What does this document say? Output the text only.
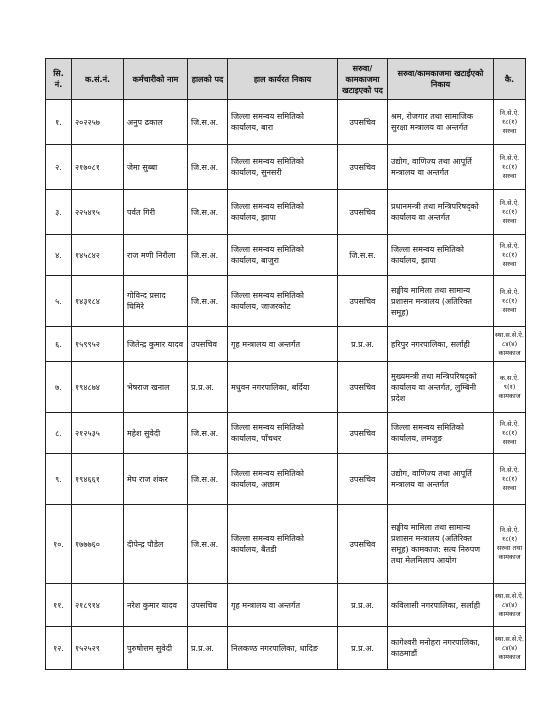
सि. नं.	क.सं.नं.	कर्मचारीको नाम	हालको पद	हाल कार्यरत निकाय	सरुवा/कामकाजमा खटाइएको पद	सरुवा/कामकाजमा खटाईएको निकाय	कै.
१.	२०२२५७	अनुप ढकाल	जि.स.अ.	जिल्ला समन्वय समितिको कार्यालय, बारा	उपसचिव	श्रम, रोजगार तथा सामाजिक सुरक्षा मन्त्रालय वा अन्तर्गत	नि.से.ऐ. १८(१) सरुवा
२.	२१७०८१	जेमा सुब्बा	जि.स.अ.	जिल्ला समन्वय समितिको कार्यालय, सुनसरी	उपसचिव	उद्योग, वाणिज्य तथा आपूर्ति मन्त्रालय वा अन्तर्गत	नि.से.ऐ. १८(१) सरुवा
३.	२२५४१५	पर्वत गिरी	जि.स.अ.	जिल्ला समन्वय समितिको कार्यालय, झापा	उपसचिव	प्रधानमन्त्री तथा मन्त्रिपरिषद्को कार्यालय वा अन्तर्गत	नि.से.ऐ. १८(१) सरुवा
४.	१४५८४२	राज मणी निरौला	जि.स.अ.	जिल्ला समन्वय समितिको कार्यालय, बाजुरा	जि.स.स.	जिल्ला समन्वय समितिको कार्यालय, झापा	नि.से.ऐ. १८(१) सरुवा
५.	१४३१८४	गोविन्द प्रसाद घिमिरे	जि.स.अ.	जिल्ला समन्वय समितिको कार्यालय, जाजरकोट	उपसचिव	सङ्घीय मामिला तथा सामान्य प्रशासन मन्त्रालय (अतिरिक्त समूह)	नि.से.ऐ. १८(१) सरुवा
६.	१५९९५२	जितेन्द्र कुमार यादव	उपसचिव	गृह मन्त्रालय वा अन्तर्गत	प्र.प्र.अ.	हरिपुर नगरपालिका, सर्लाही	स्था.स.से.ऐ. ८४(४) कामकाज
७.	१९४८७४	भेषराज खनाल	प्र.प्र.अ.	मधुवन नगरपालिका, बर्दिया	उपसचिव	मुख्यमन्त्री तथा मन्त्रिपरिषद्को कार्यालय वा अन्तर्गत, लुम्बिनी प्रदेश	क.स.ऐ. ९(१) कामकाज
८.	२१२५३५	महेश सुवेदी	जि.स.अ.	जिल्ला समन्वय समितिको कार्यालय, पाँचथर	उपसचिव	जिल्ला समन्वय समितिको कार्यालय, लमजुङ	नि.से.ऐ. १८(१) सरुवा
९.	१९४६६१	मेघ राज शंकर	जि.स.अ.	जिल्ला समन्वय समितिको कार्यालय, अछाम	उपसचिव	उद्योग, वाणिज्य तथा आपूर्ति मन्त्रालय वा अन्तर्गत	नि.से.ऐ. १८(१) सरुवा
१०.	१७७७६०	दीपेन्द्र पौडेल	जि.स.अ.	जिल्ला समन्वय समितिको कार्यालय, बैतडी	उपसचिव	सङ्घीय मामिला तथा सामान्य प्रशासन मन्त्रालय (अतिरिक्त समूह) कामकाज: सत्य निरुपण तथा मेलमिलाप आयोग	नि.से.ऐ. १८(१) सरुवा तथा कामकाज
११.	२१८९१४	नरेश कुमार यादव	उपसचिव	गृह मन्त्रालय वा अन्तर्गत	प्र.प्र.अ.	कविलासी नगरपालिका, सर्लाही	स्था.स.से.ऐ. ८४(४) कामकाज
१२.	१५२५२९	पुरुषोत्तम सुवेदी	प्र.प्र.अ.	निलकण्ठ नगरपालिका, धादिङ	प्र.प्र.अ.	कागेश्वरी मनोहरा नगरपालिका, काठमाडौं	स्था.स.से.ऐ. ८४(४) कामकाज
